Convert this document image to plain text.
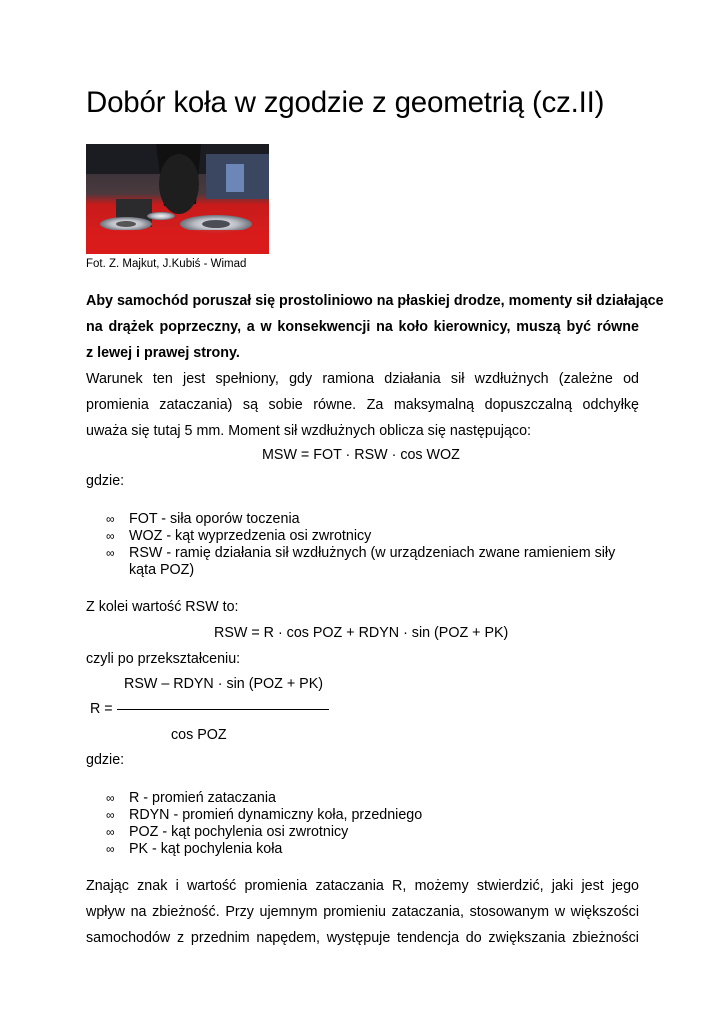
Dobór koła w zgodzie z geometrią (cz.II)
Fot. Z. Majkut, J.Kubiś - Wimad
Aby samochód poruszał się prostoliniowo na płaskiej drodze, momenty sił działające
na drążek poprzeczny, a w konsekwencji na koło kierownicy, muszą być równe
z lewej i prawej strony.
Warunek ten jest spełniony, gdy ramiona działania sił wzdłużnych (zależne od
promienia zataczania) są sobie równe. Za maksymalną dopuszczalną odchyłkę
uważa się tutaj 5 mm. Moment sił wzdłużnych oblicza się następująco:
MSW = FOT · RSW · cos WOZ
gdzie:
∞ FOT - siła oporów toczenia
∞ WOZ - kąt wyprzedzenia osi zwrotnicy
∞ RSW - ramię działania sił wzdłużnych (w urządzeniach zwane ramieniem siły
kąta POZ)
Z kolei wartość RSW to:
RSW = R · cos POZ + RDYN · sin (POZ + PK)
czyli po przekształceniu:
RSW – RDYN · sin (POZ + PK)
R =
cos POZ
gdzie:
∞ R - promień zataczania
∞ RDYN - promień dynamiczny koła, przedniego
∞ POZ - kąt pochylenia osi zwrotnicy
∞ PK - kąt pochylenia koła
Znając znak i wartość promienia zataczania R, możemy stwierdzić, jaki jest jego
wpływ na zbieżność. Przy ujemnym promieniu zataczania, stosowanym w większości
samochodów z przednim napędem, występuje tendencja do zwiększania zbieżności
